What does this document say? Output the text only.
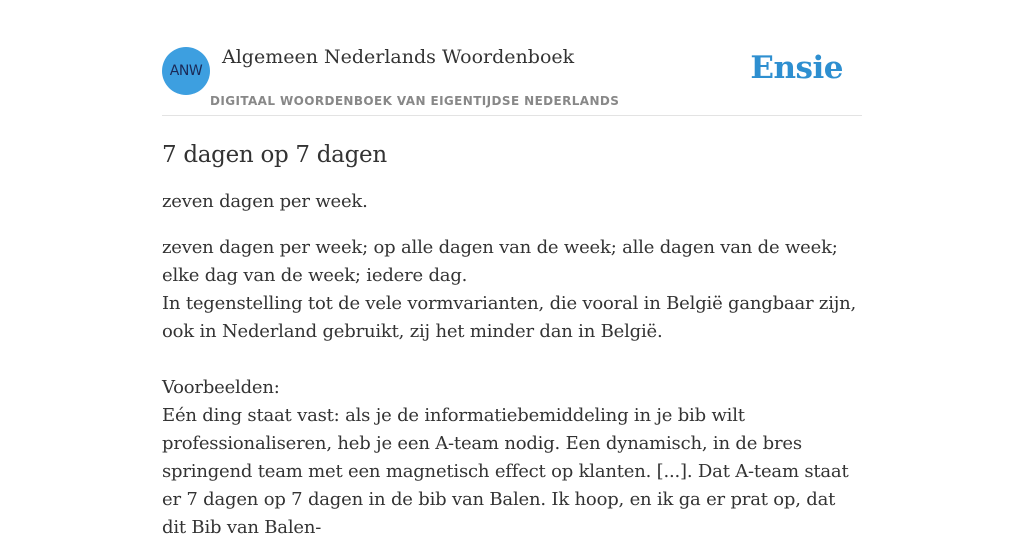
ANW
Algemeen Nederlands Woordenboek
DIGITAAL WOORDENBOEK VAN EIGENTIJDSE NEDERLANDS
Ensie
7 dagen op 7 dagen
zeven dagen per week.

zeven dagen per week; op alle dagen van de week; alle dagen van de week; elke dag van de week; iedere dag.

In tegenstelling tot de vele vormvarianten, die vooral in België gangbaar zijn, ook in Nederland gebruikt, zij het minder dan in België.

Voorbeelden:

Eén ding staat vast: als je de informatiebemiddeling in je bib wilt professionaliseren, heb je een A-team nodig. Een dynamisch, in de bres springend team met een magnetisch effect op klanten. [...]. Dat A-team staat er 7 dagen op 7 dagen in de bib van Balen. Ik hoop, en ik ga er prat op, dat dit Bib van Balen-
